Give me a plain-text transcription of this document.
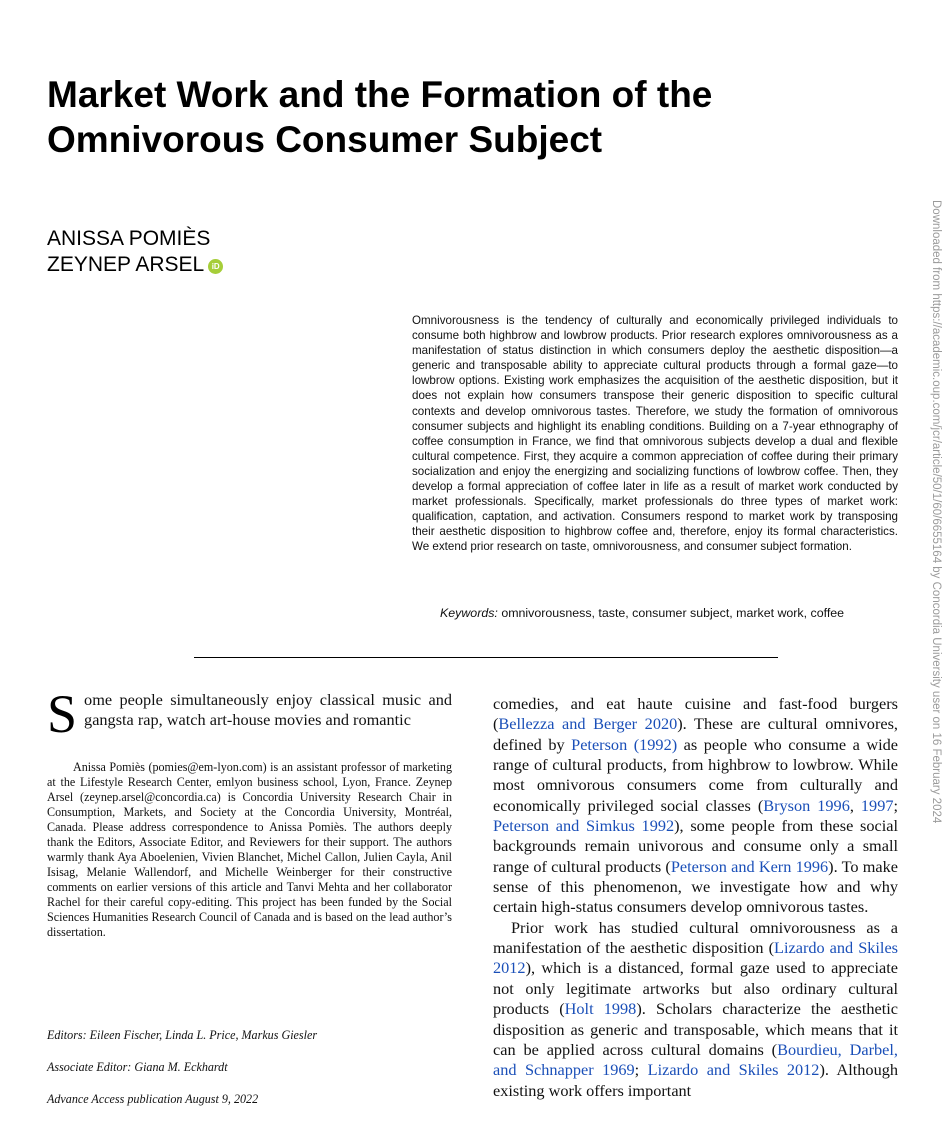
Market Work and the Formation of the Omnivorous Consumer Subject
ANISSA POMIÈS
ZEYNEP ARSEL iD

Omnivorousness is the tendency of culturally and economically privileged individuals to consume both highbrow and lowbrow products. Prior research explores omnivorousness as a manifestation of status distinction in which consumers deploy the aesthetic disposition—a generic and transposable ability to appreciate cultural products through a formal gaze—to lowbrow options. Existing work emphasizes the acquisition of the aesthetic disposition, but it does not explain how consumers transpose their generic disposition to specific cultural contexts and develop omnivorous tastes. Therefore, we study the formation of omnivorous consumer subjects and highlight its enabling conditions. Building on a 7-year ethnography of coffee consumption in France, we find that omnivorous subjects develop a dual and flexible cultural competence. First, they acquire a common appreciation of coffee during their primary socialization and enjoy the energizing and socializing functions of lowbrow coffee. Then, they develop a formal appreciation of coffee later in life as a result of market work conducted by market professionals. Specifically, market professionals do three types of market work: qualification, captation, and activation. Consumers respond to market work by transposing their aesthetic disposition to highbrow coffee and, therefore, enjoy its formal characteristics. We extend prior research on taste, omnivorousness, and consumer subject formation.

Keywords: omnivorousness, taste, consumer subject, market work, coffee

Some people simultaneously enjoy classical music and gangsta rap, watch art-house movies and romantic

Anissa Pomiès (pomies@em-lyon.com) is an assistant professor of marketing at the Lifestyle Research Center, emlyon business school, Lyon, France. Zeynep Arsel (zeynep.arsel@concordia.ca) is Concordia University Research Chair in Consumption, Markets, and Society at the Concordia University, Montréal, Canada. Please address correspondence to Anissa Pomiès. The authors deeply thank the Editors, Associate Editor, and Reviewers for their support. The authors warmly thank Aya Aboelenien, Vivien Blanchet, Michel Callon, Julien Cayla, Anil Isisag, Melanie Wallendorf, and Michelle Weinberger for their constructive comments on earlier versions of this article and Tanvi Mehta and her collaborator Rachel for their careful copy-editing. This project has been funded by the Social Sciences Humanities Research Council of Canada and is based on the lead author’s dissertation.

Editors: Eileen Fischer, Linda L. Price, Markus Giesler
Associate Editor: Giana M. Eckhardt
Advance Access publication August 9, 2022

comedies, and eat haute cuisine and fast-food burgers (Bellezza and Berger 2020). These are cultural omnivores, defined by Peterson (1992) as people who consume a wide range of cultural products, from highbrow to lowbrow. While most omnivorous consumers come from culturally and economically privileged social classes (Bryson 1996, 1997; Peterson and Simkus 1992), some people from these social backgrounds remain univorous and consume only a small range of cultural products (Peterson and Kern 1996). To make sense of this phenomenon, we investigate how and why certain high-status consumers develop omnivorous tastes.

Prior work has studied cultural omnivorousness as a manifestation of the aesthetic disposition (Lizardo and Skiles 2012), which is a distanced, formal gaze used to appreciate not only legitimate artworks but also ordinary cultural products (Holt 1998). Scholars characterize the aesthetic disposition as generic and transposable, which means that it can be applied across cultural domains (Bourdieu, Darbel, and Schnapper 1969; Lizardo and Skiles 2012). Although existing work offers important

Downloaded from https://academic.oup.com/jcr/article/50/1/60/6655164 by Concordia University user on 16 February 2024
